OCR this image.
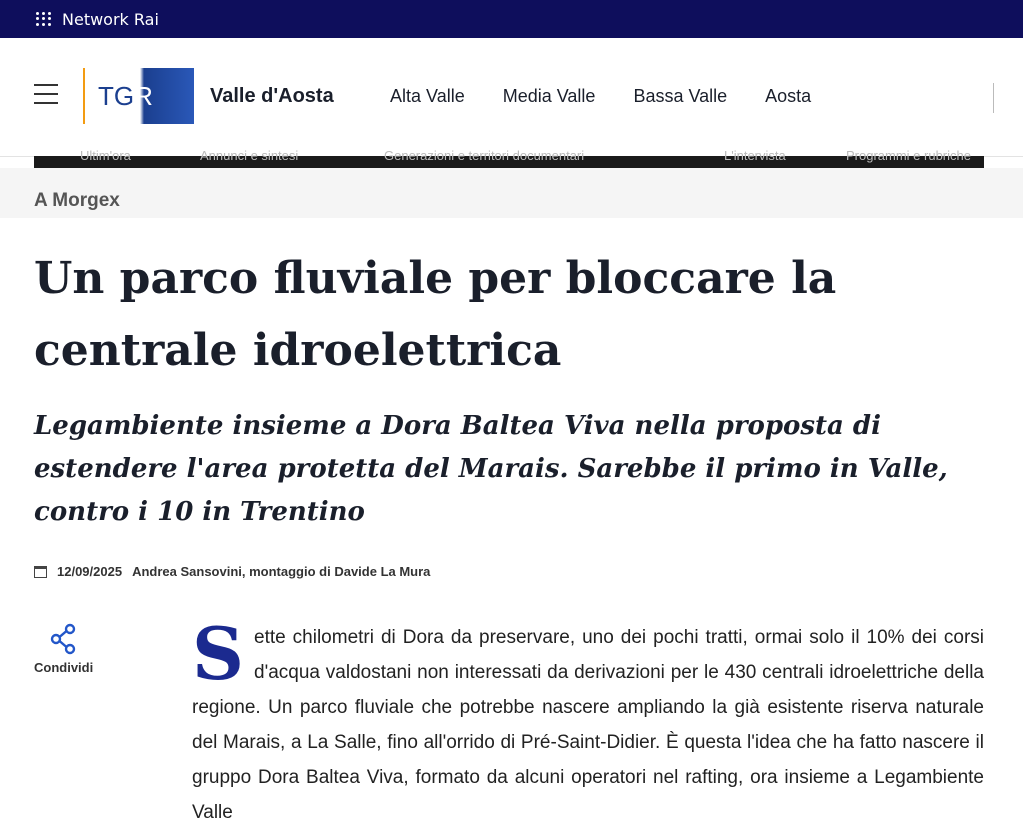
Network Rai
TGR	Valle d'Aosta	Alta Valle Media Valle Bassa Valle Aosta
Ultim'ora	Annunci e sintesi	Generazioni e territori documentari	L'intervista	Programmi e rubriche
A Morgex
Un parco fluviale per bloccare la centrale idroelettrica
Legambiente insieme a Dora Baltea Viva nella proposta di estendere l'area protetta del Marais. Sarebbe il primo in Valle, contro i 10 in Trentino
12/09/2025 Andrea Sansovini, montaggio di Davide La Mura
Condividi Sette chilometri di Dora da preservare, uno dei pochi tratti, ormai solo il 10% dei corsi d'acqua valdostani non interessati da derivazioni per le 430 centrali idroelettriche della regione. Un parco fluviale che potrebbe nascere ampliando la già esistente riserva naturale del Marais, a La Salle, fino all'orrido di Pré-Saint-Didier. È questa l'idea che ha fatto nascere il gruppo Dora Baltea Viva, formato da alcuni operatori nel rafting, ora insieme a Legambiente Valle
